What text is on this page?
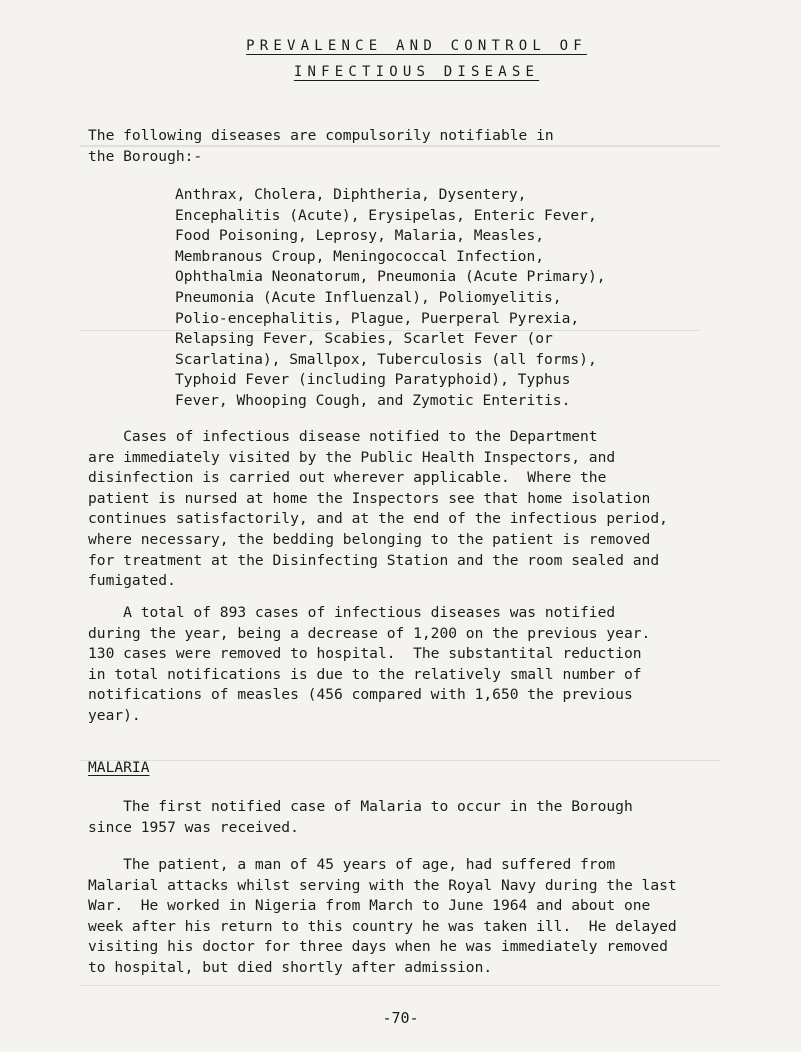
PREVALENCE AND CONTROL OF
INFECTIOUS DISEASE
The following diseases are compulsorily notifiable in
the Borough:-
Anthrax, Cholera, Diphtheria, Dysentery,
Encephalitis (Acute), Erysipelas, Enteric Fever,
Food Poisoning, Leprosy, Malaria, Measles,
Membranous Croup, Meningococcal Infection,
Ophthalmia Neonatorum, Pneumonia (Acute Primary),
Pneumonia (Acute Influenzal), Poliomyelitis,
Polio-encephalitis, Plague, Puerperal Pyrexia,
Relapsing Fever, Scabies, Scarlet Fever (or
Scarlatina), Smallpox, Tuberculosis (all forms),
Typhoid Fever (including Paratyphoid), Typhus
Fever, Whooping Cough, and Zymotic Enteritis.
Cases of infectious disease notified to the Department
are immediately visited by the Public Health Inspectors, and
disinfection is carried out wherever applicable.  Where the
patient is nursed at home the Inspectors see that home isolation
continues satisfactorily, and at the end of the infectious period,
where necessary, the bedding belonging to the patient is removed
for treatment at the Disinfecting Station and the room sealed and
fumigated.
A total of 893 cases of infectious diseases was notified
during the year, being a decrease of 1,200 on the previous year.
130 cases were removed to hospital.  The substantital reduction
in total notifications is due to the relatively small number of
notifications of measles (456 compared with 1,650 the previous
year).
MALARIA
The first notified case of Malaria to occur in the Borough
since 1957 was received.
The patient, a man of 45 years of age, had suffered from
Malarial attacks whilst serving with the Royal Navy during the last
War.  He worked in Nigeria from March to June 1964 and about one
week after his return to this country he was taken ill.  He delayed
visiting his doctor for three days when he was immediately removed
to hospital, but died shortly after admission.
-70-
